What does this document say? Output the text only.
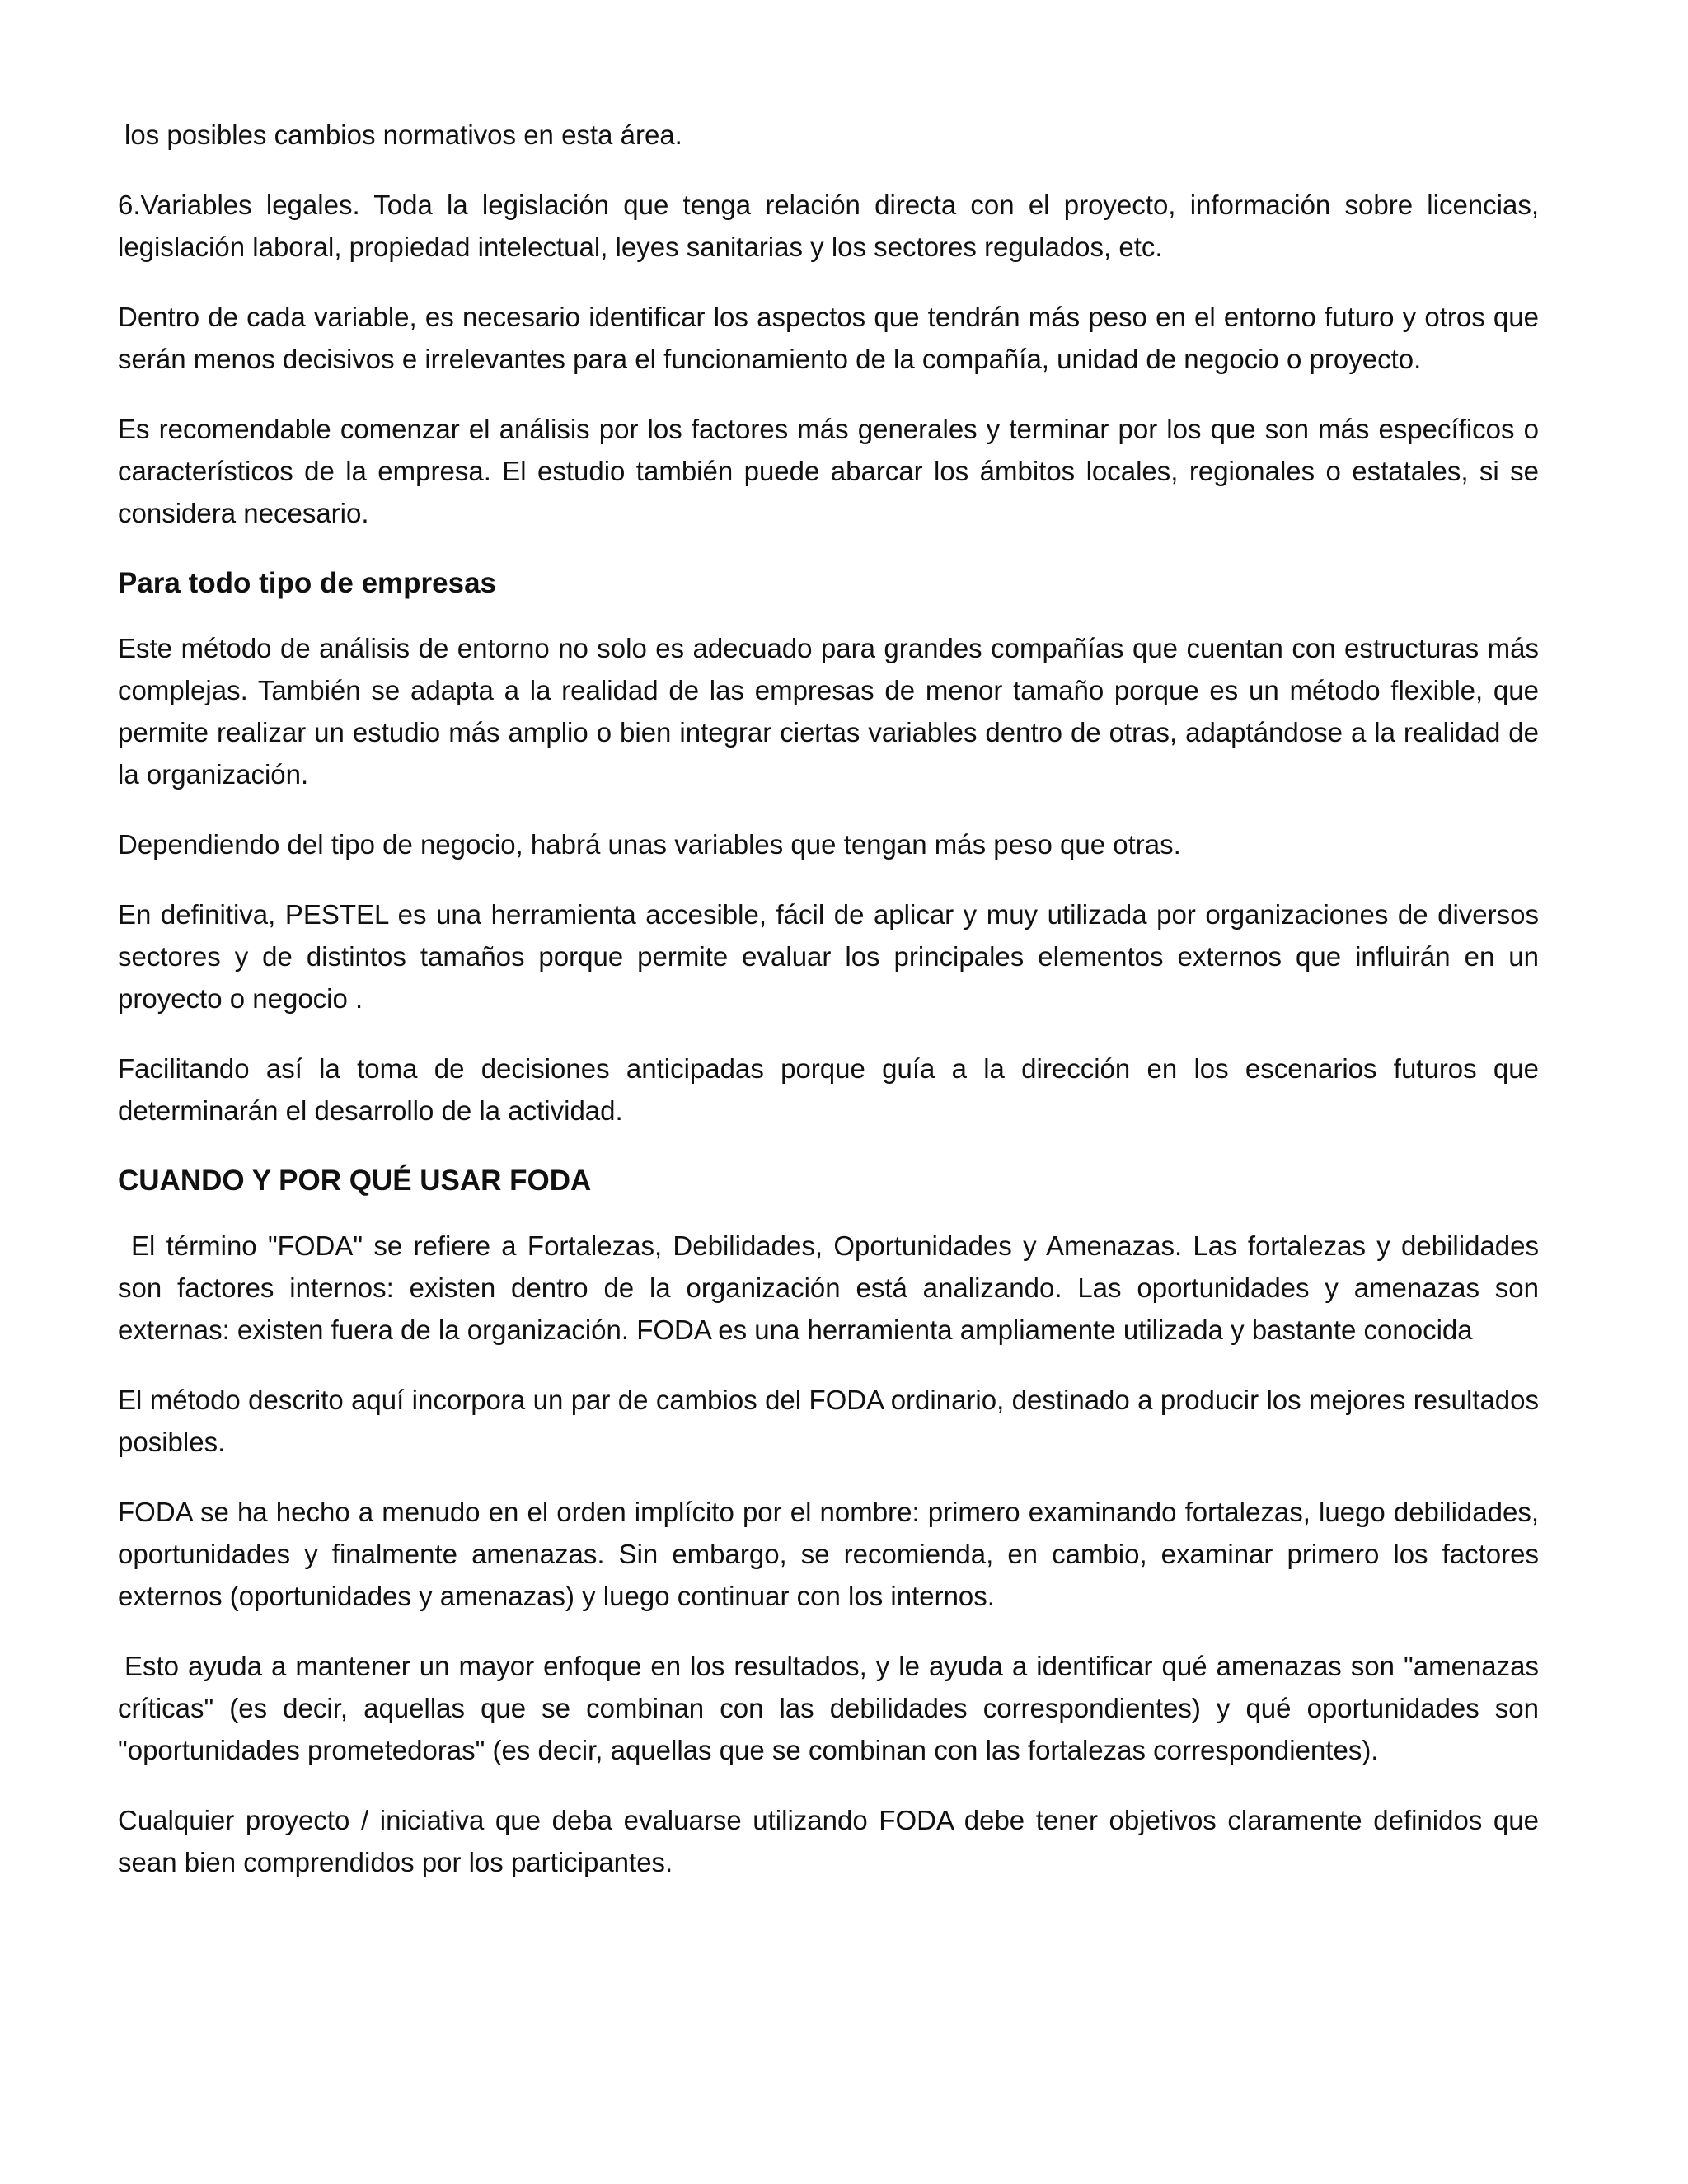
los posibles cambios normativos en esta área.

6.Variables legales. Toda la legislación que tenga relación directa con el proyecto, información sobre licencias, legislación laboral, propiedad intelectual, leyes sanitarias y los sectores regulados, etc.

Dentro de cada variable, es necesario identificar los aspectos que tendrán más peso en el entorno futuro y otros que serán menos decisivos e irrelevantes para el funcionamiento de la compañía, unidad de negocio o proyecto.

Es recomendable comenzar el análisis por los factores más generales y terminar por los que son más específicos o característicos de la empresa. El estudio también puede abarcar los ámbitos locales, regionales o estatales, si se considera necesario.

Para todo tipo de empresas

Este método de análisis de entorno no solo es adecuado para grandes compañías que cuentan con estructuras más complejas. También se adapta a la realidad de las empresas de menor tamaño porque es un método flexible, que permite realizar un estudio más amplio o bien integrar ciertas variables dentro de otras, adaptándose a la realidad de la organización.

Dependiendo del tipo de negocio, habrá unas variables que tengan más peso que otras.

En definitiva, PESTEL es una herramienta accesible, fácil de aplicar y muy utilizada por organizaciones de diversos sectores y de distintos tamaños porque permite evaluar los principales elementos externos que influirán en un proyecto o negocio .

Facilitando así la toma de decisiones anticipadas porque guía a la dirección en los escenarios futuros que determinarán el desarrollo de la actividad.

CUANDO Y POR QUÉ USAR FODA

El término "FODA" se refiere a Fortalezas, Debilidades, Oportunidades y Amenazas. Las fortalezas y debilidades son factores internos: existen dentro de la organización está analizando. Las oportunidades y amenazas son externas: existen fuera de la organización. FODA es una herramienta ampliamente utilizada y bastante conocida

El método descrito aquí incorpora un par de cambios del FODA ordinario, destinado a producir los mejores resultados posibles.

FODA se ha hecho a menudo en el orden implícito por el nombre: primero examinando fortalezas, luego debilidades, oportunidades y finalmente amenazas. Sin embargo, se recomienda, en cambio, examinar primero los factores externos (oportunidades y amenazas) y luego continuar con los internos.

Esto ayuda a mantener un mayor enfoque en los resultados, y le ayuda a identificar qué amenazas son "amenazas críticas" (es decir, aquellas que se combinan con las debilidades correspondientes) y qué oportunidades son "oportunidades prometedoras" (es decir, aquellas que se combinan con las fortalezas correspondientes).

Cualquier proyecto / iniciativa que deba evaluarse utilizando FODA debe tener objetivos claramente definidos que sean bien comprendidos por los participantes.
